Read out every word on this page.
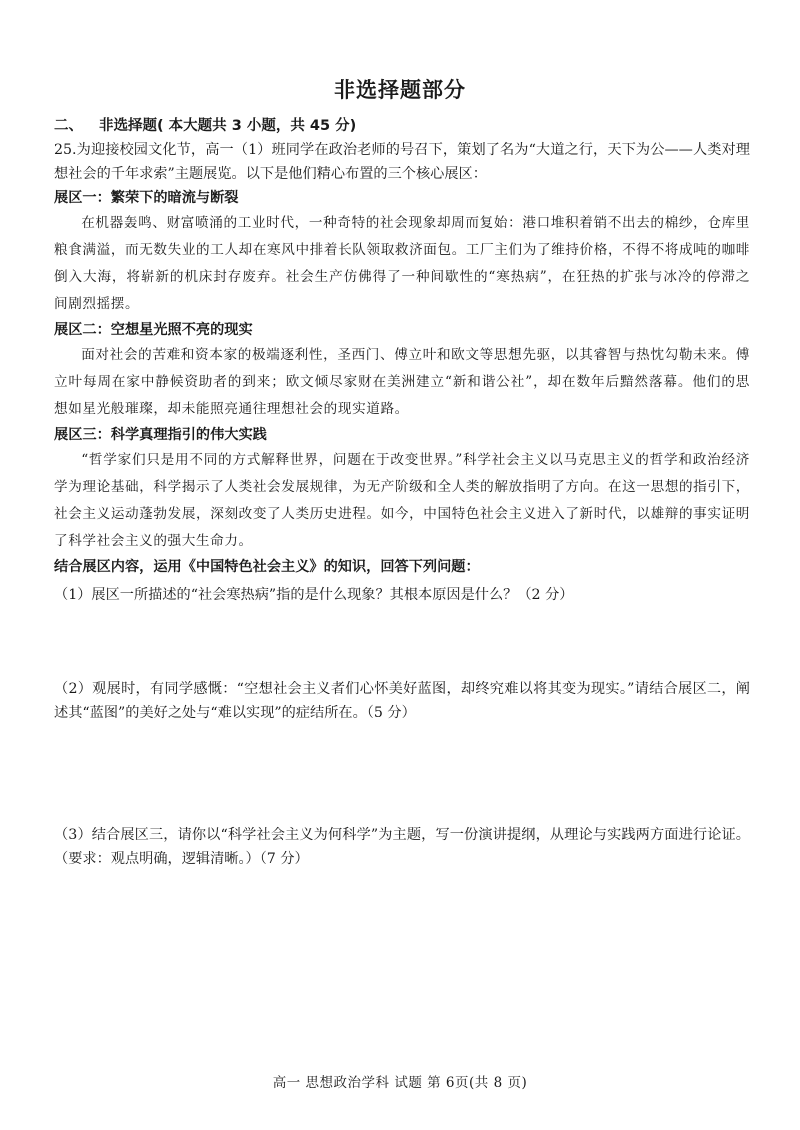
非选择题部分

二、 非选择题( 本大题共 3 小题，共 45 分)

25.为迎接校园文化节，高一（1）班同学在政治老师的号召下，策划了名为“大道之行，天下为公——人类对理想社会的千年求索”主题展览。以下是他们精心布置的三个核心展区：

展区一：繁荣下的暗流与断裂

在机器轰鸣、财富喷涌的工业时代，一种奇特的社会现象却周而复始：港口堆积着销不出去的棉纱，仓库里粮食满溢，而无数失业的工人却在寒风中排着长队领取救济面包。工厂主们为了维持价格，不得不将成吨的咖啡倒入大海，将崭新的机床封存废弃。社会生产仿佛得了一种间歇性的“寒热病”，在狂热的扩张与冰冷的停滞之间剧烈摇摆。

展区二：空想星光照不亮的现实

面对社会的苦难和资本家的极端逐利性，圣西门、傅立叶和欧文等思想先驱，以其睿智与热忱勾勒未来。傅立叶每周在家中静候资助者的到来；欧文倾尽家财在美洲建立“新和谐公社”，却在数年后黯然落幕。他们的思想如星光般璀璨，却未能照亮通往理想社会的现实道路。

展区三：科学真理指引的伟大实践

“哲学家们只是用不同的方式解释世界，问题在于改变世界。”科学社会主义以马克思主义的哲学和政治经济学为理论基础，科学揭示了人类社会发展规律，为无产阶级和全人类的解放指明了方向。在这一思想的指引下，社会主义运动蓬勃发展，深刻改变了人类历史进程。如今，中国特色社会主义进入了新时代，以雄辩的事实证明了科学社会主义的强大生命力。

结合展区内容，运用《中国特色社会主义》的知识，回答下列问题：

（1）展区一所描述的“社会寒热病”指的是什么现象？其根本原因是什么？（2 分）

（2）观展时，有同学感慨：“空想社会主义者们心怀美好蓝图，却终究难以将其变为现实。”请结合展区二，阐述其“蓝图”的美好之处与“难以实现”的症结所在。（5 分）

（3）结合展区三，请你以“科学社会主义为何科学”为主题，写一份演讲提纲，从理论与实践两方面进行论证。（要求：观点明确，逻辑清晰。）（7 分）

高一 思想政治学科 试题 第 6页(共 8 页)
